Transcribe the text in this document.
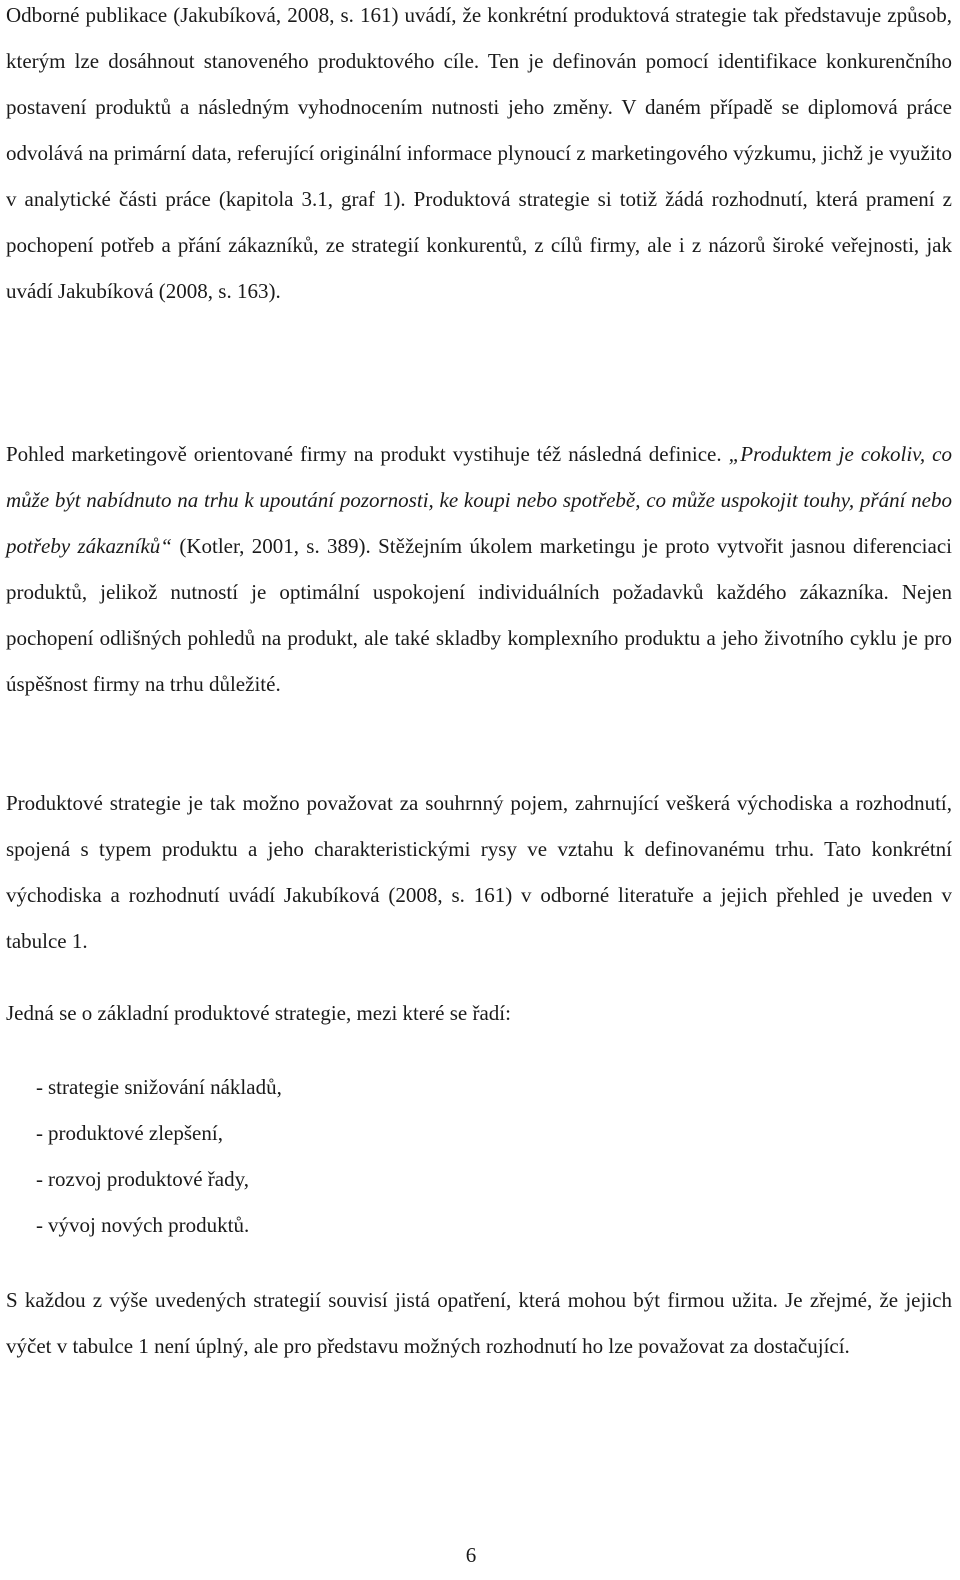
Odborné publikace (Jakubíková, 2008, s. 161) uvádí, že konkrétní produktová strategie tak představuje způsob, kterým lze dosáhnout stanoveného produktového cíle. Ten je definován pomocí identifikace konkurenčního postavení produktů a následným vyhodnocením nutnosti jeho změny. V daném případě se diplomová práce odvolává na primární data, referující originální informace plynoucí z marketingového výzkumu, jichž je využito v analytické části práce (kapitola 3.1, graf 1). Produktová strategie si totiž žádá rozhodnutí, která pramení z pochopení potřeb a přání zákazníků, ze strategií konkurentů, z cílů firmy, ale i z názorů široké veřejnosti, jak uvádí Jakubíková (2008, s. 163).

Pohled marketingově orientované firmy na produkt vystihuje též následná definice. „Produktem je cokoliv, co může být nabídnuto na trhu k upoutání pozornosti, ke koupi nebo spotřebě, co může uspokojit touhy, přání nebo potřeby zákazníků“ (Kotler, 2001, s. 389). Stěžejním úkolem marketingu je proto vytvořit jasnou diferenciaci produktů, jelikož nutností je optimální uspokojení individuálních požadavků každého zákazníka. Nejen pochopení odlišných pohledů na produkt, ale také skladby komplexního produktu a jeho životního cyklu je pro úspěšnost firmy na trhu důležité.

Produktové strategie je tak možno považovat za souhrnný pojem, zahrnující veškerá východiska a rozhodnutí, spojená s typem produktu a jeho charakteristickými rysy ve vztahu k definovanému trhu. Tato konkrétní východiska a rozhodnutí uvádí Jakubíková (2008, s. 161) v odborné literatuře a jejich přehled je uveden v tabulce 1.

Jedná se o základní produktové strategie, mezi které se řadí:

- strategie snižování nákladů,
- produktové zlepšení,
- rozvoj produktové řady,
- vývoj nových produktů.

S každou z výše uvedených strategií souvisí jistá opatření, která mohou být firmou užita. Je zřejmé, že jejich výčet v tabulce 1 není úplný, ale pro představu možných rozhodnutí ho lze považovat za dostačující.

6
